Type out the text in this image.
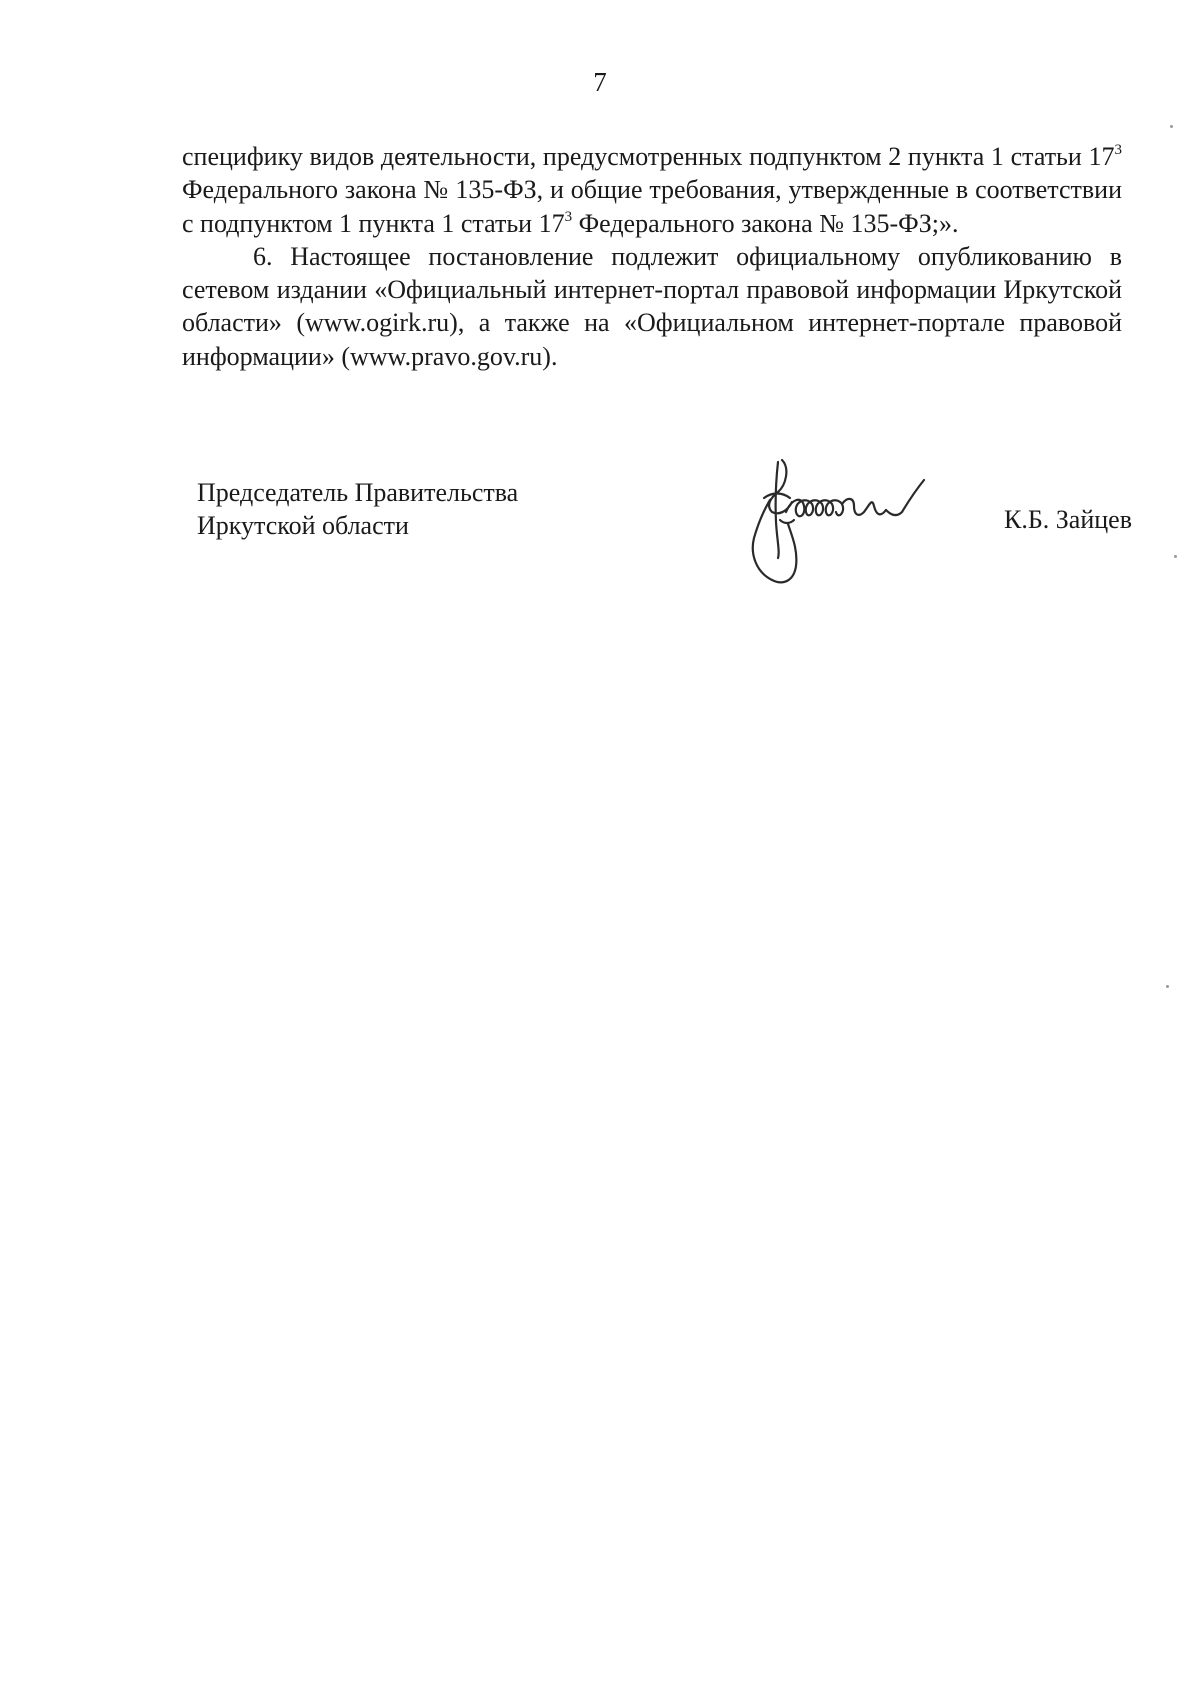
7

специфику видов деятельности, предусмотренных подпунктом 2 пункта 1 статьи $17^3$ Федерального закона № 135-ФЗ, и общие требования, утвержденные в соответствии с подпунктом 1 пункта 1 статьи $17^3$ Федерального закона № 135-ФЗ;».

6. Настоящее постановление подлежит официальному опубликованию в сетевом издании «Официальный интернет-портал правовой информации Иркутской области» (www.ogirk.ru), а также на «Официальном интернет-портале правовой информации» (www.pravo.gov.ru).

Председатель Правительства
Иркутской области	К.Б. Зайцев
